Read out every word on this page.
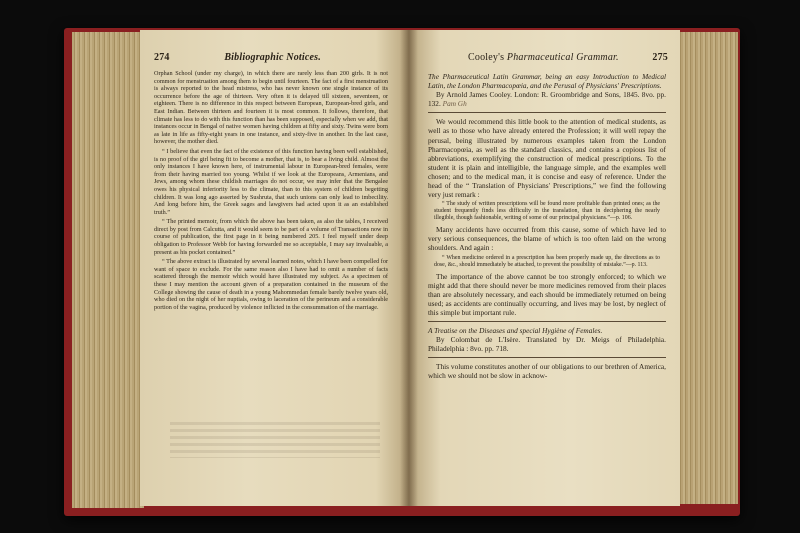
274	Bibliographic Notices.

Orphan School (under my charge), in which there are rarely less than 200 girls. It is not common for menstruation among them to begin until fourteen. The fact of a first menstruation is always reported to the head mistress, who has never known one single instance of its occurrence before the age of thirteen. Very often it is delayed till sixteen, seventeen, or eighteen. There is no difference in this respect between European, European-bred girls, and East Indian. Between thirteen and fourteen it is most common. It follows, therefore, that climate has less to do with this function than has been supposed, especially when we add, that instances occur in Bengal of native women having children at fifty and sixty. Twins were born as late in life as fifty-eight years in one instance, and sixty-five in another. In the last case, however, the mother died.

“ I believe that even the fact of the existence of this function having been well established, is no proof of the girl being fit to become a mother, that is, to bear a living child. Almost the only instances I have known here, of instrumental labour in European-bred females, were from their having married too young. Whilst if we look at the Europeans, Armenians, and Jews, among whom these childish marriages do not occur, we may infer that the Bengalee owes his physical inferiority less to the climate, than to this system of children begetting children. It was long ago asserted by Sushruta, that such unions can only lead to imbecility. And long before him, the Greek sages and lawgivers had acted upon it as an established truth.”

“ The printed memoir, from which the above has been taken, as also the tables, I received direct by post from Calcutta, and it would seem to be part of a volume of Transactions now in course of publication, the first page in it being numbered 205. I feel myself under deep obligation to Professor Webb for having forwarded me so acceptable, I may say invaluable, a present as his pocket contained.”

“ The above extract is illustrated by several learned notes, which I have been compelled for want of space to exclude. For the same reason also I have had to omit a number of facts scattered through the memoir which would have illustrated my subject. As a specimen of these I may mention the account given of a preparation contained in the museum of the College showing the cause of death in a young Mahommedan female barely twelve years old, who died on the night of her nuptials, owing to laceration of the perineum and a considerable portion of the vagina, produced by violence inflicted in the consummation of the marriage.

Cooley's Pharmaceutical Grammar.	275

The Pharmaceutical Latin Grammar, being an easy Introduction to Medical Latin, the London Pharmacopœia, and the Perusal of Physicians' Prescriptions.

By Arnold James Cooley. London: R. Groombridge and Sons, 1845. 8vo. pp. 132. Pam Gh

We would recommend this little book to the attention of medical students, as well as to those who have already entered the Profession; it will well repay the perusal, being illustrated by numerous examples taken from the London Pharmacopœia, as well as the standard classics, and contains a copious list of abbreviations, exemplifying the construction of medical prescriptions. To the student it is plain and intelligible, the language simple, and the examples well chosen; and to the medical man, it is concise and easy of reference. Under the head of the “ Translation of Physicians' Prescriptions,” we find the following very just remark :

“ The study of written prescriptions will be found more profitable than printed ones; as the student frequently finds less difficulty in the translation, than in deciphering the nearly illegible, though fashionable, writing of some of our principal physicians.”—p. 106.

Many accidents have occurred from this cause, some of which have led to very serious consequences, the blame of which is too often laid on the wrong shoulders. And again :

“ When medicine ordered in a prescription has been properly made up, the directions as to dose, &c., should immediately be attached, to prevent the possibility of mistake.”—p. 113.

The importance of the above cannot be too strongly enforced; to which we might add that there should never be more medicines removed from their places than are absolutely necessary, and each should be immediately returned on being used; as accidents are continually occurring, and lives may be lost, by neglect of this simple but important rule.

A Treatise on the Diseases and special Hygiène of Females.

By Colombat de L'Isère. Translated by Dr. Meigs of Philadelphia. Philadelphia : 8vo. pp. 718.

This volume constitutes another of our obligations to our brethren of America, which we should not be slow in acknow-
